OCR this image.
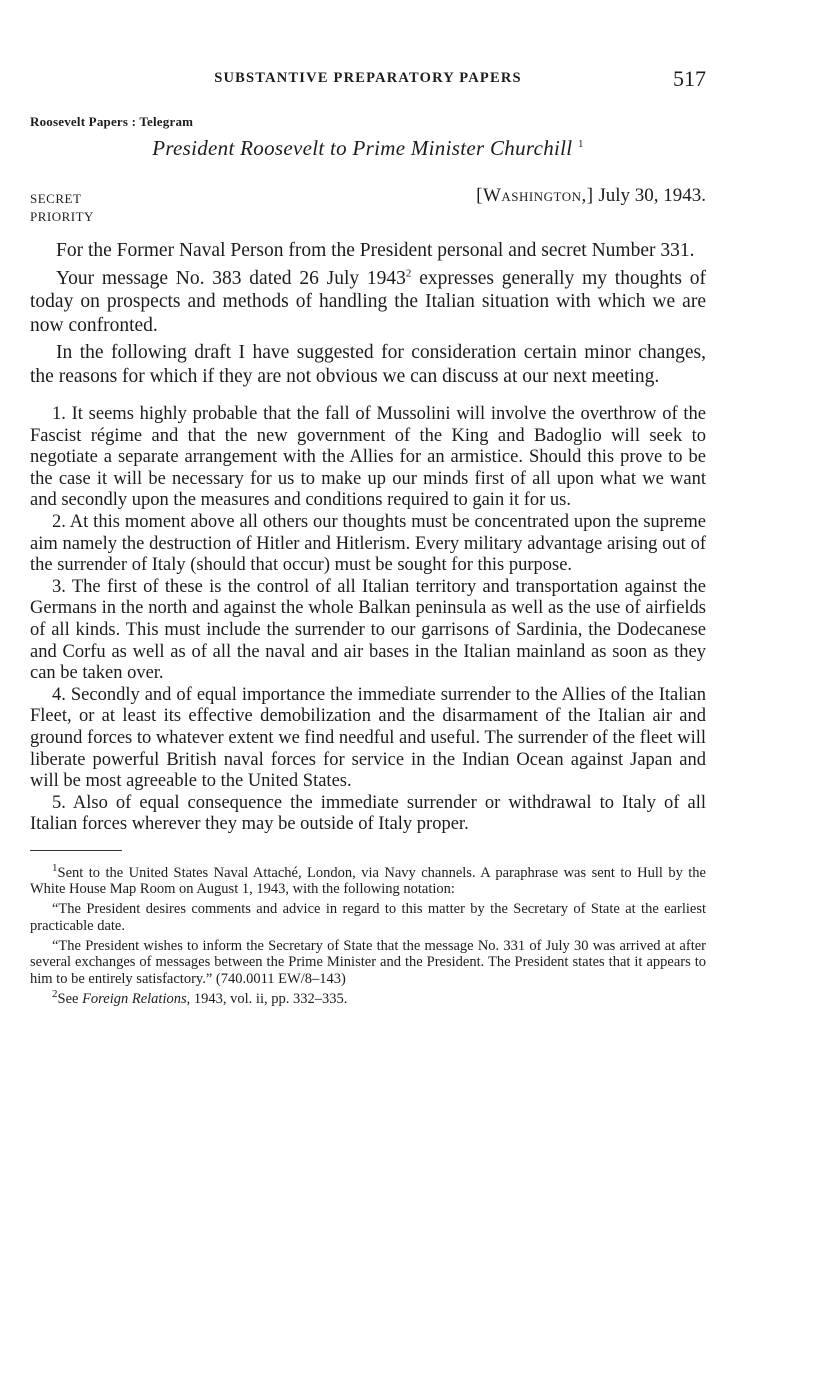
SUBSTANTIVE PREPARATORY PAPERS	517
Roosevelt Papers : Telegram
President Roosevelt to Prime Minister Churchill $^1$
SECRET	[Washington,] July 30, 1943.
PRIORITY

For the Former Naval Person from the President personal and secret Number 331.

Your message No. 383 dated 26 July 1943$^2$ expresses generally my thoughts of today on prospects and methods of handling the Italian situation with which we are now confronted.

In the following draft I have suggested for consideration certain minor changes, the reasons for which if they are not obvious we can discuss at our next meeting.

1. It seems highly probable that the fall of Mussolini will involve the overthrow of the Fascist régime and that the new government of the King and Badoglio will seek to negotiate a separate arrangement with the Allies for an armistice. Should this prove to be the case it will be necessary for us to make up our minds first of all upon what we want and secondly upon the measures and conditions required to gain it for us.

2. At this moment above all others our thoughts must be concentrated upon the supreme aim namely the destruction of Hitler and Hitlerism. Every military advantage arising out of the surrender of Italy (should that occur) must be sought for this purpose.

3. The first of these is the control of all Italian territory and transportation against the Germans in the north and against the whole Balkan peninsula as well as the use of airfields of all kinds. This must include the surrender to our garrisons of Sardinia, the Dodecanese and Corfu as well as of all the naval and air bases in the Italian mainland as soon as they can be taken over.

4. Secondly and of equal importance the immediate surrender to the Allies of the Italian Fleet, or at least its effective demobilization and the disarmament of the Italian air and ground forces to whatever extent we find needful and useful. The surrender of the fleet will liberate powerful British naval forces for service in the Indian Ocean against Japan and will be most agreeable to the United States.

5. Also of equal consequence the immediate surrender or withdrawal to Italy of all Italian forces wherever they may be outside of Italy proper.

$^1$Sent to the United States Naval Attaché, London, via Navy channels. A paraphrase was sent to Hull by the White House Map Room on August 1, 1943, with the following notation:

“The President desires comments and advice in regard to this matter by the Secretary of State at the earliest practicable date.

“The President wishes to inform the Secretary of State that the message No. 331 of July 30 was arrived at after several exchanges of messages between the Prime Minister and the President. The President states that it appears to him to be entirely satisfactory.” (740.0011 EW/8–143)

$^2$See Foreign Relations, 1943, vol. ii, pp. 332–335.
